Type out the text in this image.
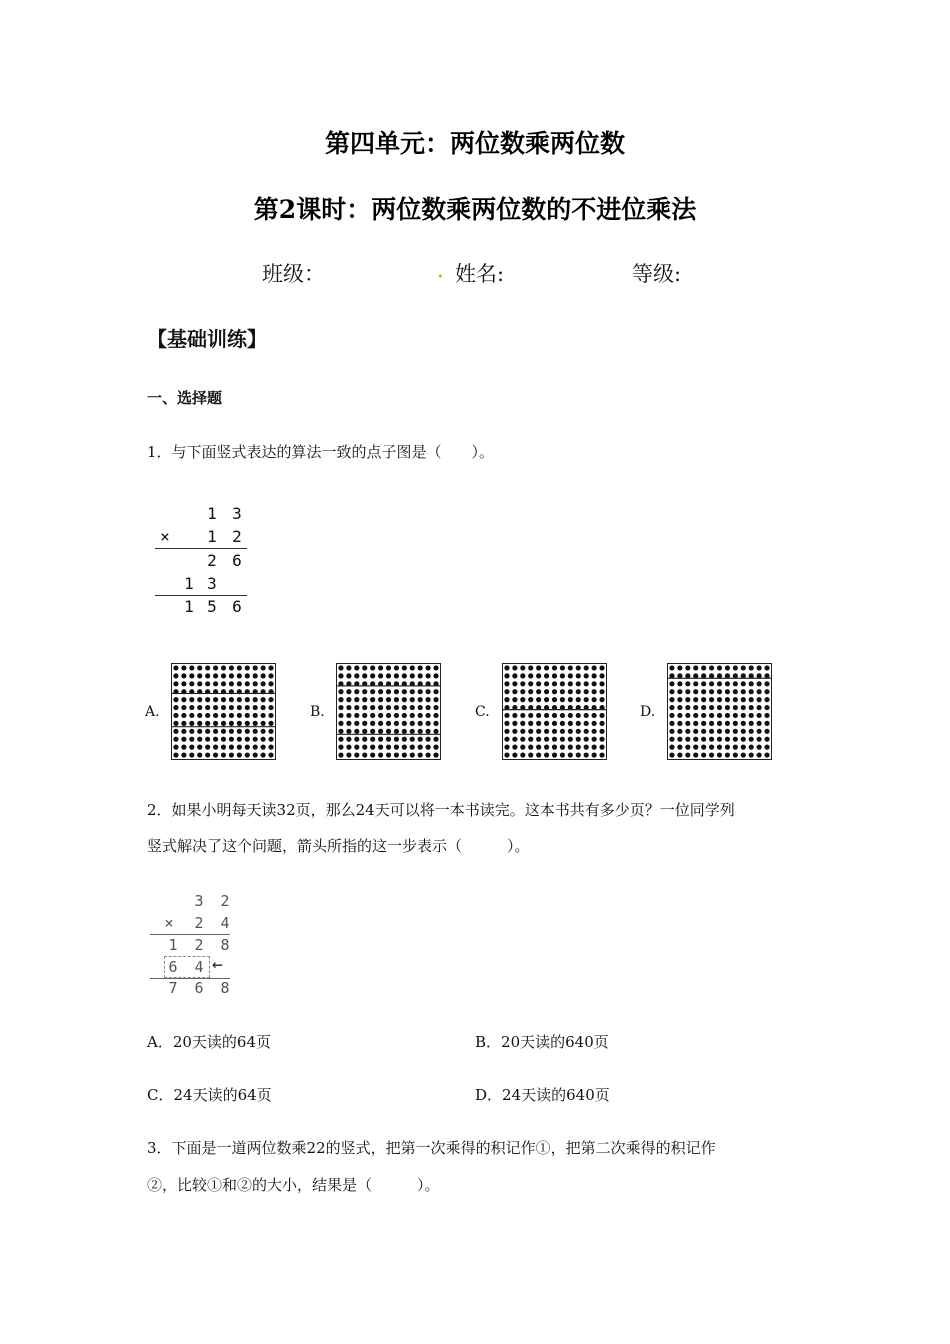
第四单元：两位数乘两位数
第2课时：两位数乘两位数的不进位乘法
班级：	. 姓名:	等级:
【基础训练】
一、选择题
1．与下面竖式表达的算法一致的点子图是（　　）。
1 3
× 1 2
2 6
1 3
1 5 6
A.	B.	C.	D.
2．如果小明每天读32页，那么24天可以将一本书读完。这本书共有多少页？一位同学列
竖式解决了这个问题，箭头所指的这一步表示（　　　）。
3 2
× 2 4
1 2 8
6 4 ←
7 6 8
A．20天读的64页	B．20天读的640页
C．24天读的64页	D．24天读的640页
3．下面是一道两位数乘22的竖式，把第一次乘得的积记作①，把第二次乘得的积记作
②，比较①和②的大小，结果是（　　　）。
